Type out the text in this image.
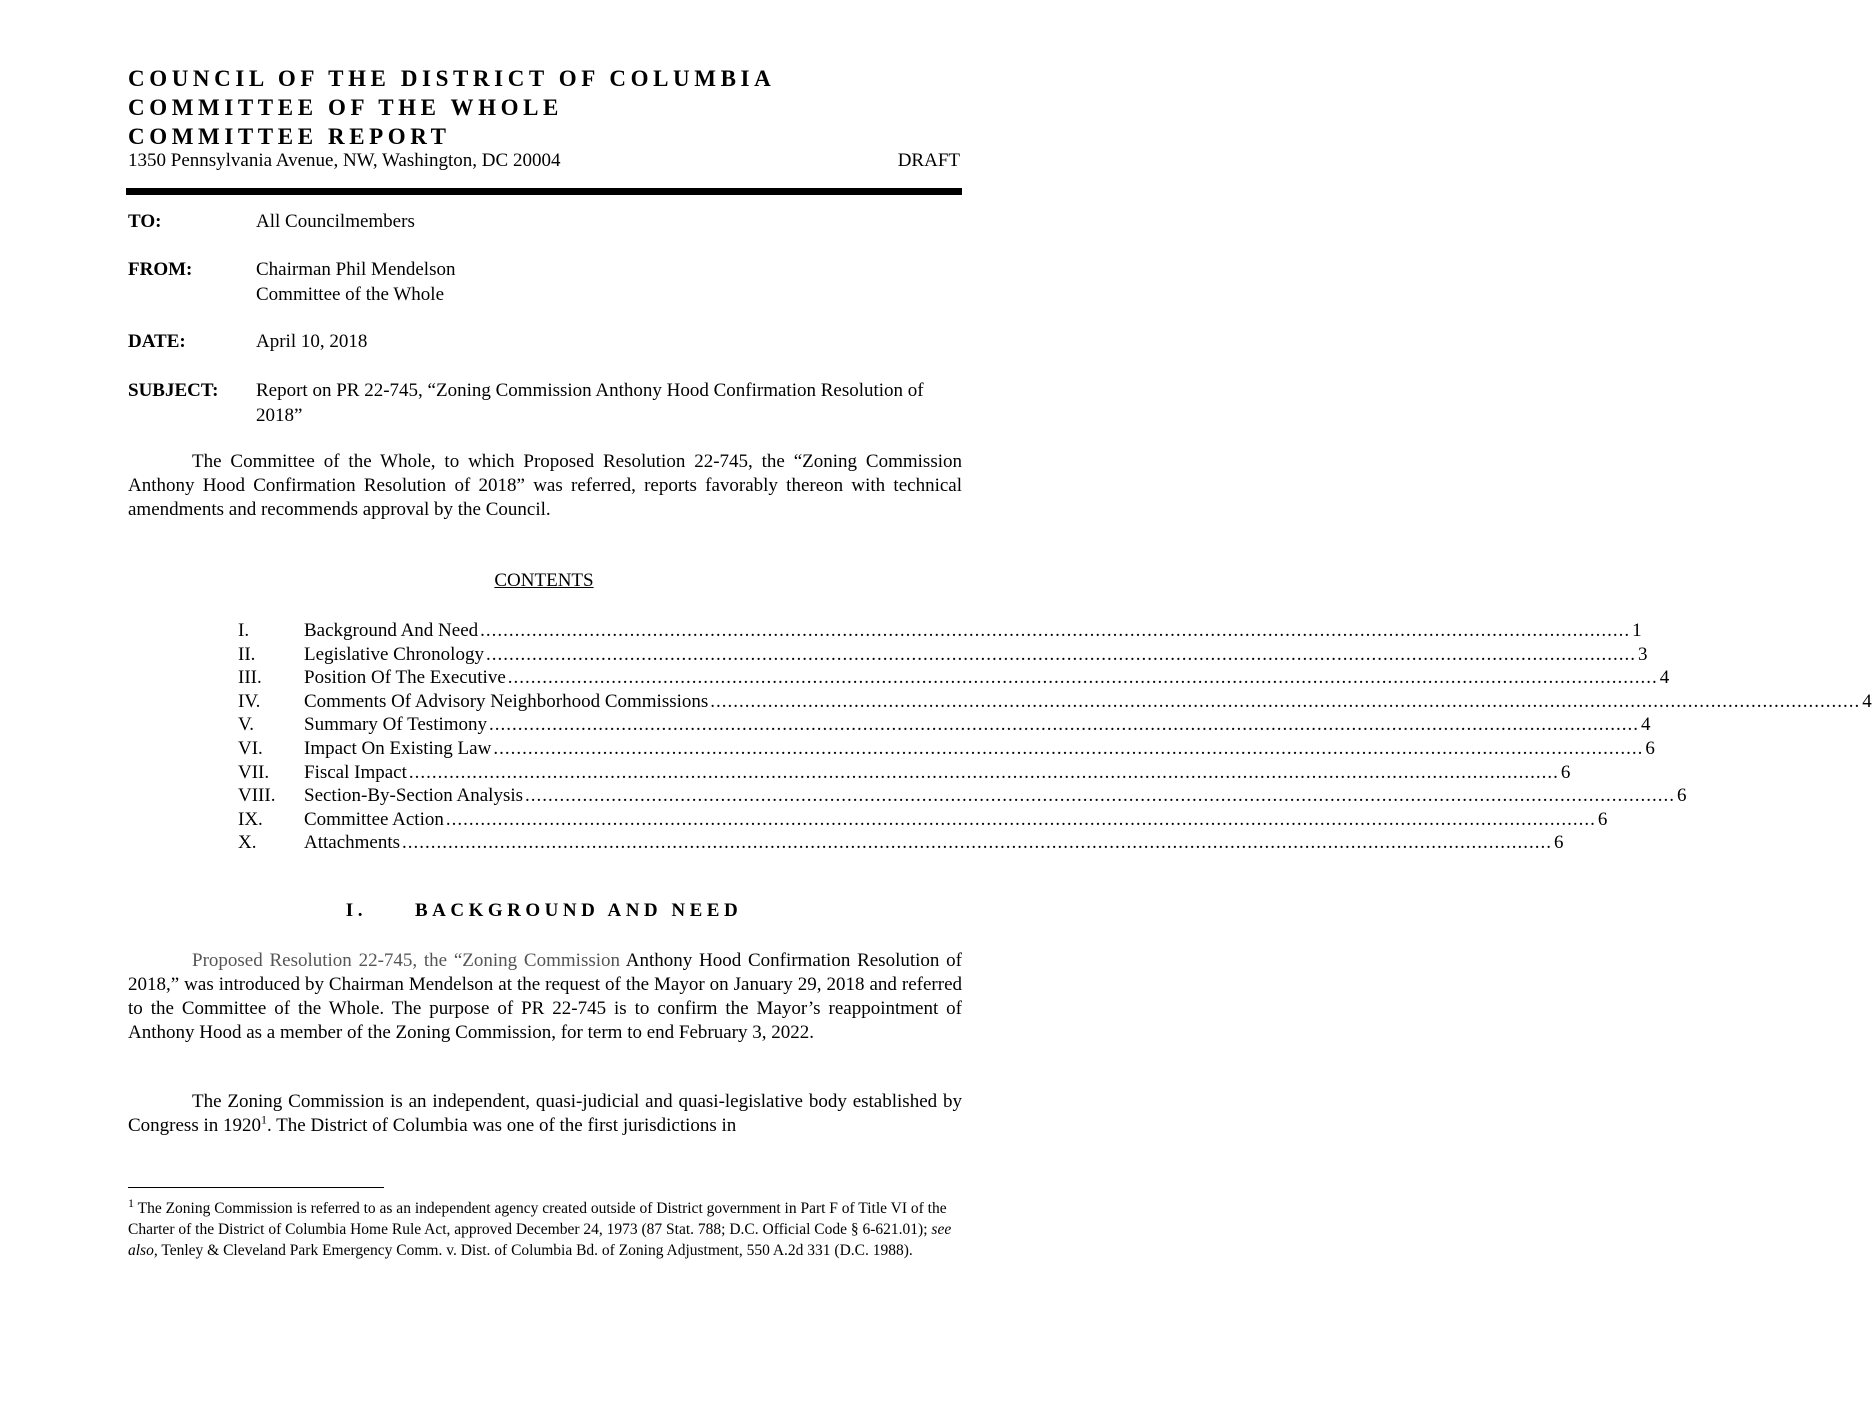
COUNCIL OF THE DISTRICT OF COLUMBIA
COMMITTEE OF THE WHOLE
COMMITTEE REPORT
1350 Pennsylvania Avenue, NW, Washington, DC 20004	DRAFT
TO:	All Councilmembers
FROM:	Chairman Phil Mendelson
Committee of the Whole
DATE:	April 10, 2018
SUBJECT: Report on PR 22-745, “Zoning Commission Anthony Hood Confirmation Resolution of 2018”

The Committee of the Whole, to which Proposed Resolution 22-745, the “Zoning Commission Anthony Hood Confirmation Resolution of 2018” was referred, reports favorably thereon with technical amendments and recommends approval by the Council.

CONTENTS
I.	Background And Need ........................................................................................................................................................................................................ 1
II.	Legislative Chronology ........................................................................................................................................................................................................ 3
III. Position Of The Executive ........................................................................................................................................................................................................ 4
IV. Comments Of Advisory Neighborhood Commissions ........................................................................................................................................................................................................ 4
V.	Summary Of Testimony ........................................................................................................................................................................................................ 4
VI. Impact On Existing Law ........................................................................................................................................................................................................ 6
VII. Fiscal Impact ........................................................................................................................................................................................................ 6
VIII. Section-By-Section Analysis ........................................................................................................................................................................................................ 6
IX. Committee Action ........................................................................................................................................................................................................ 6
X.	Attachments ........................................................................................................................................................................................................ 6
I.	BACKGROUND AND NEED

Proposed Resolution 22-745, the “Zoning Commission Anthony Hood Confirmation Resolution of 2018,” was introduced by Chairman Mendelson at the request of the Mayor on January 29, 2018 and referred to the Committee of the Whole. The purpose of PR 22-745 is to confirm the Mayor’s reappointment of Anthony Hood as a member of the Zoning Commission, for term to end February 3, 2022.

The Zoning Commission is an independent, quasi-judicial and quasi-legislative body established by Congress in 1920$^1$. The District of Columbia was one of the first jurisdictions in

$^1$ The Zoning Commission is referred to as an independent agency created outside of District government in Part F of Title VI of the Charter of the District of Columbia Home Rule Act, approved December 24, 1973 (87 Stat. 788; D.C. Official Code § 6-621.01); see also, Tenley & Cleveland Park Emergency Comm. v. Dist. of Columbia Bd. of Zoning Adjustment, 550 A.2d 331 (D.C. 1988).
